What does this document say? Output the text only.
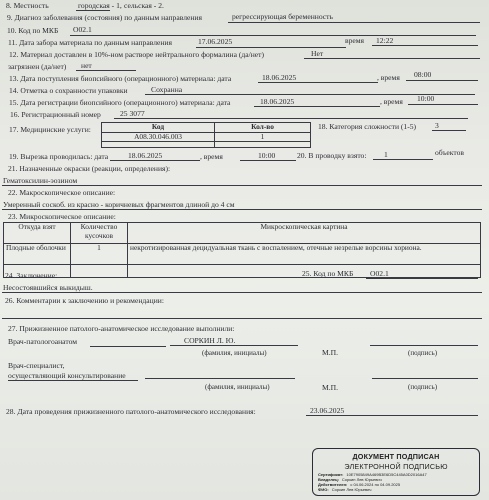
8. Местность	городская - 1, сельская - 2.
9. Диагноз заболевания (состояния) по данным направления	регрессирующая беременность
10. Код по МКБ O02.1
11. Дата забора материала по данным направления	17.06.2025	время 12:22
12. Материал доставлен в 10%-ном растворе нейтрального формалина (да/нет)	Нет
загрязнен (да/нет) нет
13. Дата поступления биопсийного (операционного) материала: дата	18.06.2025	, время 08:00
14. Отметка о сохранности упаковки	Сохранна
15. Дата регистрации биопсийного (операционного) материала: дата	18.06.2025	, время 10:00
16. Регистрационный номер	25 3077
17. Медицинские услуги:	Код	Кол-во
A08.30.046.003	1

18. Категория сложности (1-5) 3
19. Вырезка проводилась: дата	18.06.2025	, время	10:00	20. В проводку взято: 1	объектов
21. Назначенные окраски (реакции, определения):
Гематоксилин-эозином
22. Макроскопическое описание:
Умеренный соскоб. из красно - коричневых фрагментов длиной до 4 см
23. Микроскопическое описание:
Откуда взят	Количество кусочков	Микроскопическая картина
Плодные оболочки	1	некротизированная децидуальная ткань с воспалением, отечные незрелые ворсины хориона.

24. Заключение:	25. Код по МКБ O02.1
Несостоявшийся выкидыш.
26. Комментарии к заключению и рекомендации:
27. Прижизненное патолого-анатомическое исследование выполнили:
Врач-патологоанатом	СОРКИН Л. Ю.
(фамилия, инициалы)	М.П.	(подпись)
Врач-специалист,
осуществляющий консультирование
(фамилия, инициалы)	М.П.	(подпись)
28. Дата проведения прижизненного патолого-анатомического исследования:	23.06.2025
ДОКУМЕНТ ПОДПИСАН
ЭЛЕКТРОННОЙ ПОДПИСЬЮ
Сертификат: 10E7905849A469B3E6D5C445A0D2016A47
Владелец: Соркин Лев Юрьевич
Действителен: с 04.06.2024 по 04.09.2025
ФИО: Соркин Лев Юрьевич
